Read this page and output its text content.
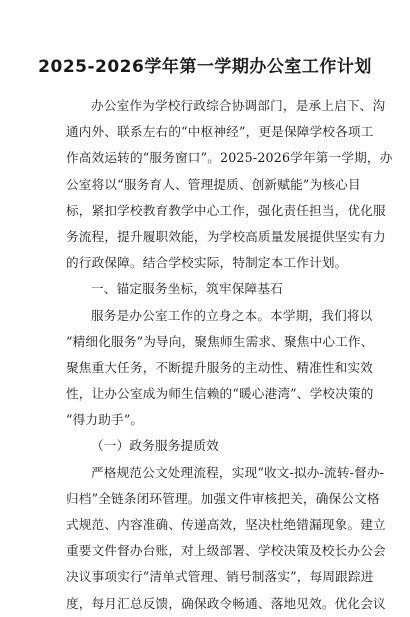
2025-2026学年第一学期办公室工作计划
办公室作为学校行政综合协调部门，是承上启下、沟
通内外、联系左右的“中枢神经”，更是保障学校各项工
作高效运转的“服务窗口”。2025-2026学年第一学期，办
公室将以“服务育人、管理提质、创新赋能”为核心目
标，紧扣学校教育教学中心工作，强化责任担当，优化服
务流程，提升履职效能，为学校高质量发展提供坚实有力
的行政保障。结合学校实际，特制定本工作计划。
一、锚定服务坐标，筑牢保障基石
服务是办公室工作的立身之本。本学期，我们将以
“精细化服务”为导向，聚焦师生需求、聚焦中心工作、
聚焦重大任务，不断提升服务的主动性、精准性和实效
性，让办公室成为师生信赖的“暖心港湾”、学校决策的
“得力助手”。
（一）政务服务提质效
严格规范公文处理流程，实现“收文-拟办-流转-督办-
归档”全链条闭环管理。加强文件审核把关，确保公文格
式规范、内容准确、传递高效，坚决杜绝错漏现象。建立
重要文件督办台账，对上级部署、学校决策及校长办公会
决议事项实行“清单式管理、销号制落实”，每周跟踪进
度，每月汇总反馈，确保政令畅通、落地见效。优化会议
